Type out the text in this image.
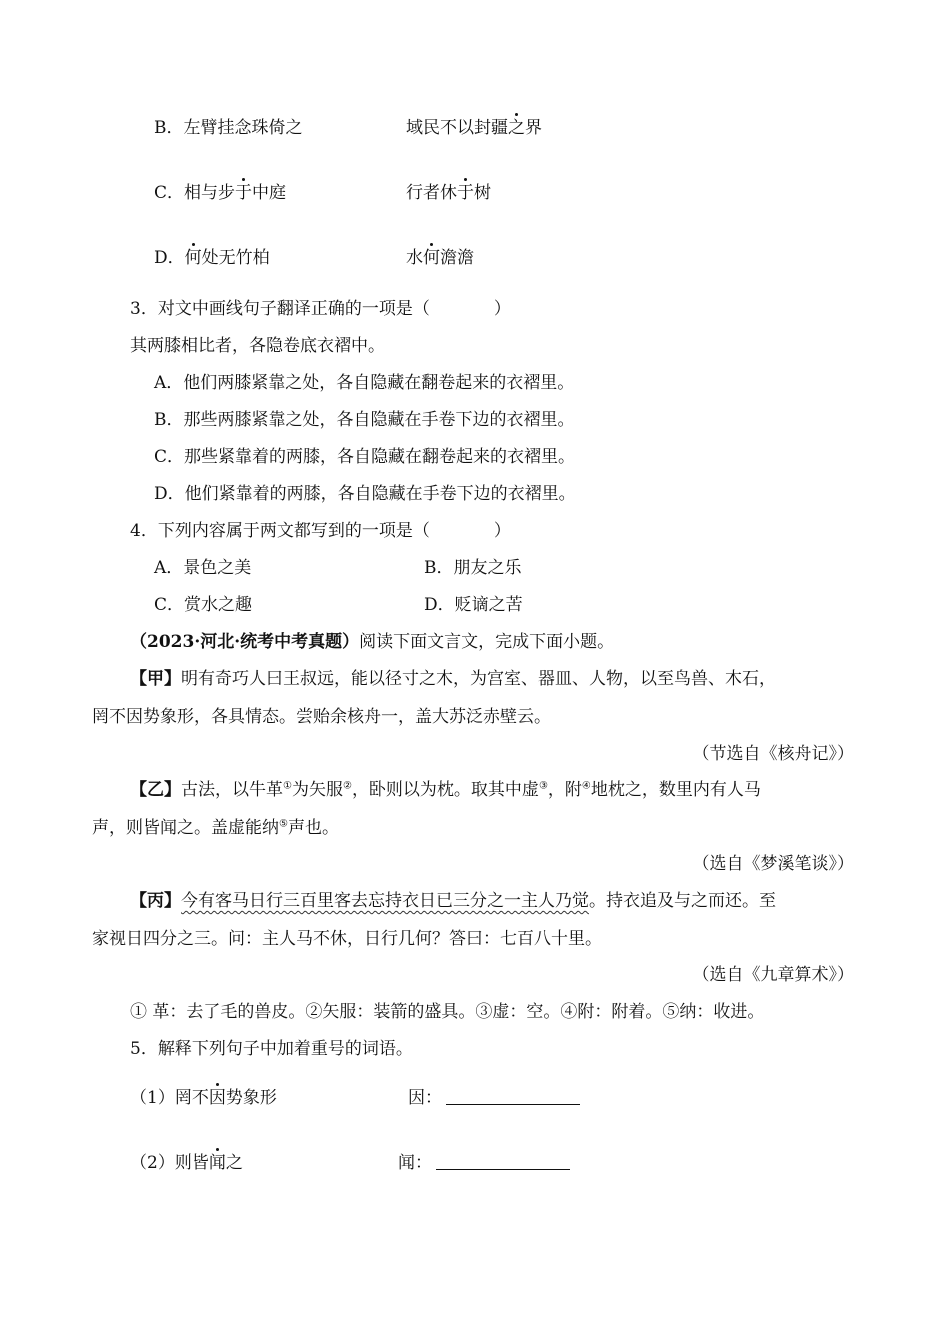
B．左臂挂念珠倚之	域民不以封疆之界
C．相与步于中庭	行者休于树
D．何处无竹柏	水何澹澹
3．对文中画线句子翻译正确的一项是（	）
其两膝相比者，各隐卷底衣褶中。
A．他们两膝紧靠之处，各自隐藏在翻卷起来的衣褶里。
B．那些两膝紧靠之处，各自隐藏在手卷下边的衣褶里。
C．那些紧靠着的两膝，各自隐藏在翻卷起来的衣褶里。
D．他们紧靠着的两膝，各自隐藏在手卷下边的衣褶里。
4．下列内容属于两文都写到的一项是（	）
A．景色之美	B．朋友之乐
C．赏水之趣	D．贬谪之苦
（2023·河北·统考中考真题）阅读下面文言文，完成下面小题。
【甲】明有奇巧人曰王叔远，能以径寸之木，为宫室、器皿、人物，以至鸟兽、木石，
罔不因势象形，各具情态。尝贻余核舟一，盖大苏泛赤壁云。
（节选自《核舟记》）
【乙】古法，以牛革①为矢服②，卧则以为枕。取其中虚③，附④地枕之，数里内有人马
声，则皆闻之。盖虚能纳⑤声也。
（选自《梦溪笔谈》）
【丙】今有客马日行三百里客去忘持衣日已三分之一主人乃觉。持衣追及与之而还。至
家视日四分之三。问：主人马不休，日行几何？答曰：七百八十里。
（选自《九章算术》）
① 革：去了毛的兽皮。②矢服：装箭的盛具。③虚：空。④附：附着。⑤纳：收进。
5．解释下列句子中加着重号的词语。
（1）罔不因势象形	因：
（2）则皆闻之	闻：
